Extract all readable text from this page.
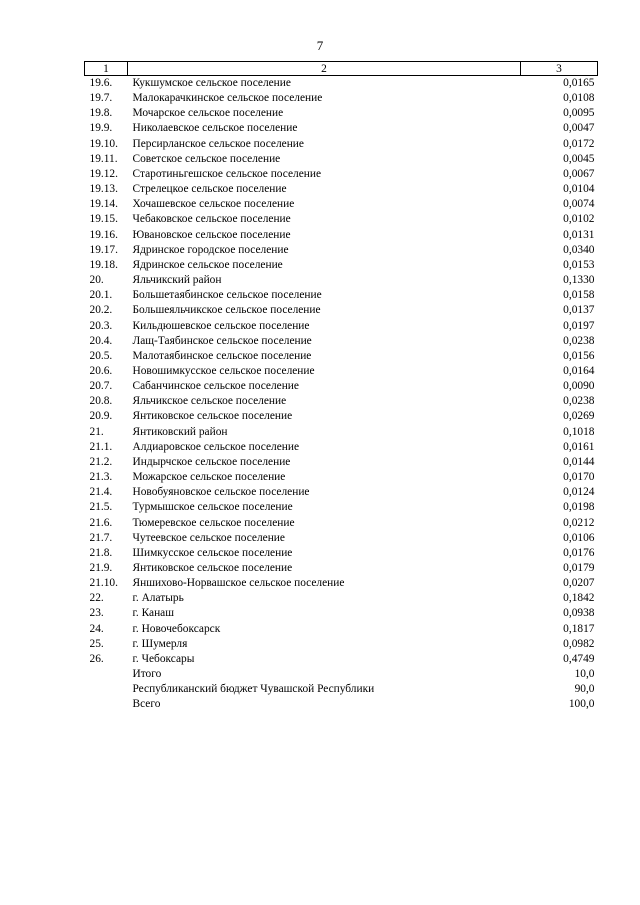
7
1	2	3
19.6.	Кукшумское сельское поселение	0,0165
19.7.	Малокарачкинское сельское поселение	0,0108
19.8.	Мочарское сельское поселение	0,0095
19.9.	Николаевское сельское поселение	0,0047
19.10.	Персирланское сельское поселение	0,0172
19.11.	Советское сельское поселение	0,0045
19.12.	Старотиньгешское сельское поселение	0,0067
19.13.	Стрелецкое сельское поселение	0,0104
19.14.	Хочашевское сельское поселение	0,0074
19.15.	Чебаковское сельское поселение	0,0102
19.16.	Ювановское сельское поселение	0,0131
19.17.	Ядринское городское поселение	0,0340
19.18.	Ядринское сельское поселение	0,0153
20.	Яльчикский район	0,1330
20.1.	Большетаябинское сельское поселение	0,0158
20.2.	Большеяльчикское сельское поселение	0,0137
20.3.	Кильдюшевское сельское поселение	0,0197
20.4.	Лащ-Таябинское сельское поселение	0,0238
20.5.	Малотаябинское сельское поселение	0,0156
20.6.	Новошимкусское сельское поселение	0,0164
20.7.	Сабанчинское сельское поселение	0,0090
20.8.	Яльчикское сельское поселение	0,0238
20.9.	Янтиковское сельское поселение	0,0269
21.	Янтиковский район	0,1018
21.1.	Алдиаровское сельское поселение	0,0161
21.2.	Индырчское сельское поселение	0,0144
21.3.	Можарское сельское поселение	0,0170
21.4.	Новобуяновское сельское поселение	0,0124
21.5.	Турмышское сельское поселение	0,0198
21.6.	Тюмеревское сельское поселение	0,0212
21.7.	Чутеевское сельское поселение	0,0106
21.8.	Шимкусское сельское поселение	0,0176
21.9.	Янтиковское сельское поселение	0,0179
21.10.	Яншихово-Норвашское сельское поселение	0,0207
22.	г. Алатырь	0,1842
23.	г. Канаш	0,0938
24.	г. Новочебоксарск	0,1817
25.	г. Шумерля	0,0982
26.	г. Чебоксары	0,4749
	Итого	10,0
	Республиканский бюджет Чувашской Республики	90,0
	Всего	100,0
